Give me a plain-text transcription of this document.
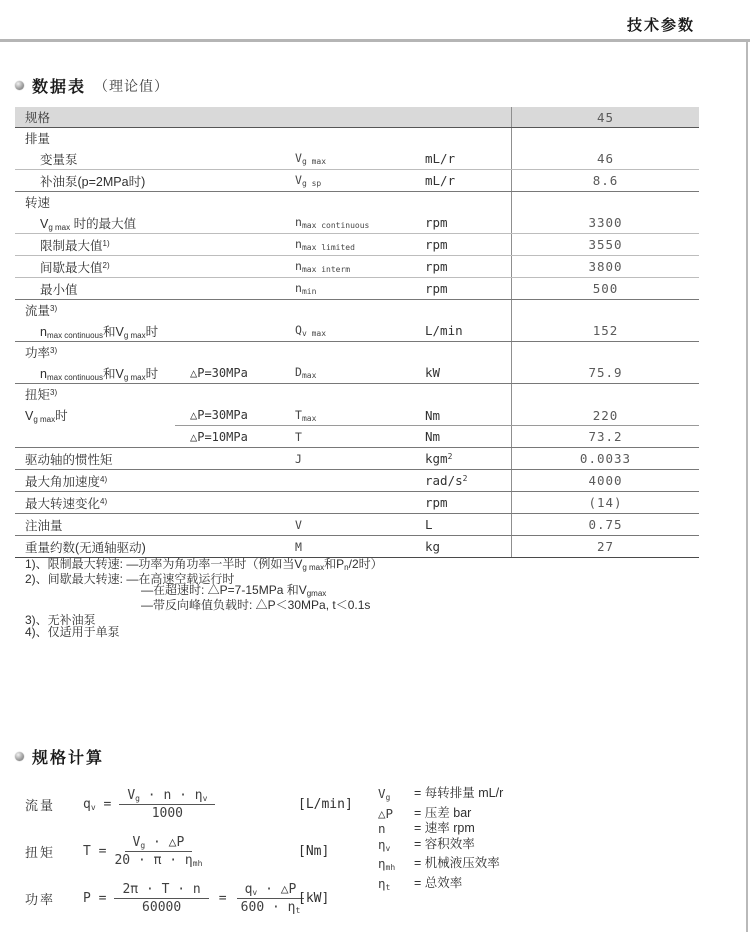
技术参数
数据表 （理论值）
规格	45
排量
变量泵	$V_{g max}$	mL/r	46
补油泵(p=2MPa时)	$V_{g sp}$	mL/r	8.6
转速
$V_{g max}$ 时的最大值	$n_{max continuous}$	rpm	3300
限制最大值$^{1)}$	$n_{max limited}$	rpm	3550
间歇最大值$^{2)}$	$n_{max interm}$	rpm	3800
最小值	$n_{min}$	rpm	500
流量$^{3)}$
$n_{max continuous}$和$V_{g max}$时	$Q_{v max}$	L/min	152
功率$^{3)}$
$n_{max continuous}$和$V_{g max}$时	△P=30MPa	$D_{max}$	kW	75.9
扭矩$^{3)}$
$V_{g max}$时	△P=30MPa	$T_{max}$	Nm	220
△P=10MPa	T	Nm	73.2
驱动轴的惯性矩	J	kgm$^2$	0.0033
最大角加速度$^{4)}$	rad/$s^2$	4000
最大转速变化$^{4)}$	rpm	(14)
注油量	V	L	0.75
重量约数(无通轴驱动)	M	kg	27
1)、限制最大转速: —功率为角功率一半时（例如当$V_{g max}$和$P_n/2$时）
2)、间歇最大转速: —在高速空载运行时
—在超速时: △P=7-15MPa 和$V_{gmax}$
—带反向峰值负载时: △P＜30MPa, t＜0.1s
3)、无补油泵
4)、仅适用于单泵
规格计算
流量	$q_v = \frac{V_g \cdot n \cdot \eta_v}{1000}$	[L/min]
扭矩	$T = \frac{V_g \cdot \triangle P}{20 \cdot \pi \cdot \eta_{mh}}$	[Nm]
功率	$P = \frac{2\pi \cdot T \cdot n}{60000} = \frac{q_v \cdot \triangle P}{600 \cdot \eta_t}$
[kW]
$V_g$	= 每转排量 mL/r
△P	= 压差 bar
n	= 速率 rpm
$\eta_v$	= 容积效率
$\eta_{mh}$	= 机械液压效率
$\eta_t$	= 总效率
